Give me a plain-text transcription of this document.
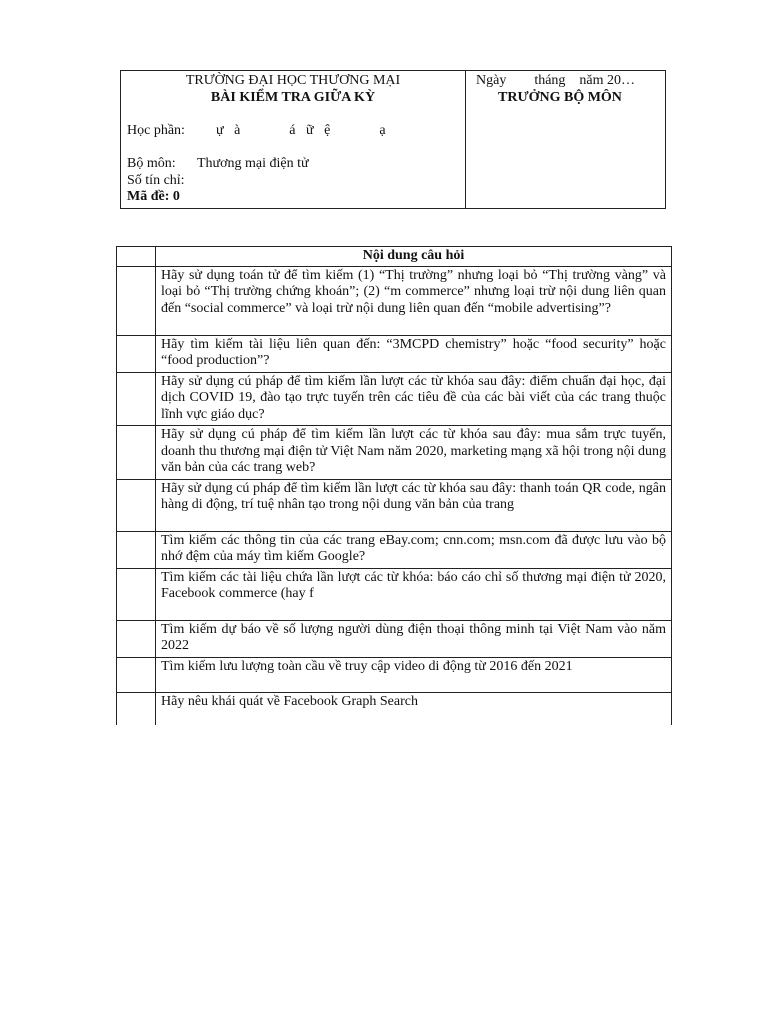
TRƯỜNG ĐẠI HỌC THƯƠNG MẠI
BÀI KIỂM TRA GIỮA KỲ
Học phần: ự   à              á   ữ   ệ              ạ
Bộ môn: Thương mại điện tử
Số tín chỉ:
Mã đề: 0
Ngày        tháng    năm 20…
TRƯỞNG BỘ MÔN
	Nội dung câu hỏi
	Hãy sử dụng toán tử để tìm kiếm (1) “Thị trường” nhưng loại bỏ “Thị trường vàng” và loại bỏ “Thị trường chứng khoán”; (2) “m commerce” nhưng loại trừ nội dung liên quan đến “social commerce” và loại trừ nội dung liên quan đến “mobile advertising”?
	Hãy tìm kiếm tài liệu liên quan đến: “3MCPD chemistry” hoặc “food security” hoặc “food production”?
	Hãy sử dụng cú pháp để tìm kiếm lần lượt các từ khóa sau đây: điểm chuẩn đại học, đại dịch COVID 19, đào tạo trực tuyến trên các tiêu đề của các bài viết của các trang thuộc lĩnh vực giáo dục?
	Hãy sử dụng cú pháp để tìm kiếm lần lượt các từ khóa sau đây: mua sắm trực tuyến, doanh thu thương mại điện tử Việt Nam năm 2020, marketing mạng xã hội trong nội dung văn bản của các trang web?
	Hãy sử dụng cú pháp để tìm kiếm lần lượt các từ khóa sau đây: thanh toán QR code, ngân hàng di động, trí tuệ nhân tạo trong nội dung văn bản của trang
	Tìm kiếm các thông tin của các trang eBay.com; cnn.com; msn.com đã được lưu vào bộ nhớ đệm của máy tìm kiếm Google?
	Tìm kiếm các tài liệu chứa lần lượt các từ khóa: báo cáo chỉ số thương mại điện tử 2020, Facebook commerce (hay f
	Tìm kiếm dự báo về số lượng người dùng điện thoại thông minh tại Việt Nam vào năm 2022
	Tìm kiếm lưu lượng toàn cầu về truy cập video di động từ 2016 đến 2021
	Hãy nêu khái quát về Facebook Graph Search
